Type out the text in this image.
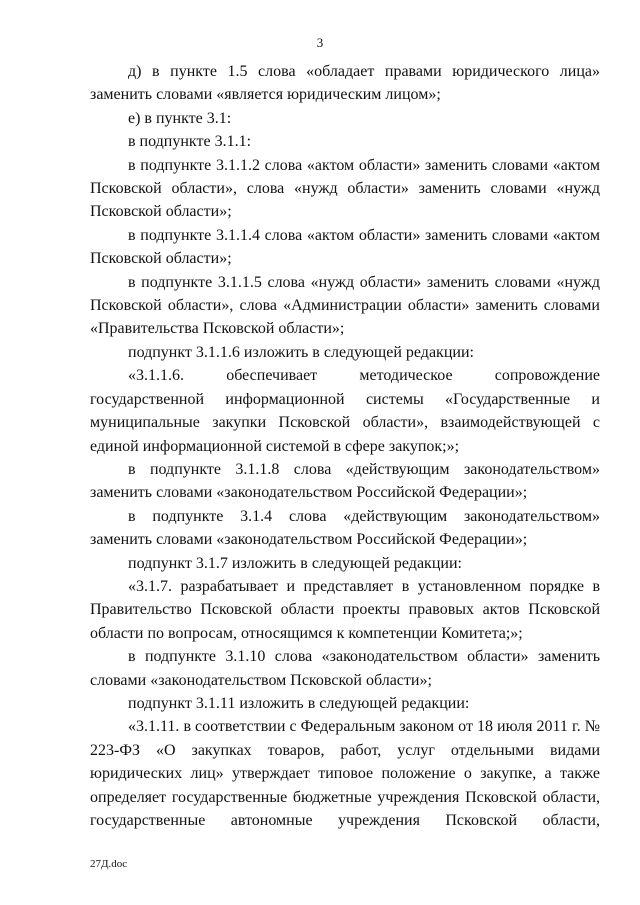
3

д) в пункте 1.5 слова «обладает правами юридического лица» заменить словами «является юридическим лицом»;

е) в пункте 3.1:

в подпункте 3.1.1:

в подпункте 3.1.1.2 слова «актом области» заменить словами «актом Псковской области», слова «нужд области» заменить словами «нужд Псковской области»;

в подпункте 3.1.1.4 слова «актом области» заменить словами «актом Псковской области»;

в подпункте 3.1.1.5 слова «нужд области» заменить словами «нужд Псковской области», слова «Администрации области» заменить словами «Правительства Псковской области»;

подпункт 3.1.1.6 изложить в следующей редакции:

«3.1.1.6. обеспечивает методическое сопровождение государственной информационной системы «Государственные и муниципальные закупки Псковской области», взаимодействующей с единой информационной системой в сфере закупок;»;

в подпункте 3.1.1.8 слова «действующим законодательством» заменить словами «законодательством Российской Федерации»;

в подпункте 3.1.4 слова «действующим законодательством» заменить словами «законодательством Российской Федерации»;

подпункт 3.1.7 изложить в следующей редакции:

«3.1.7. разрабатывает и представляет в установленном порядке в Правительство Псковской области проекты правовых актов Псковской области по вопросам, относящимся к компетенции Комитета;»;

в подпункте 3.1.10 слова «законодательством области» заменить словами «законодательством Псковской области»;

подпункт 3.1.11 изложить в следующей редакции:

«3.1.11. в соответствии с Федеральным законом от 18 июля 2011 г. № 223-ФЗ «О закупках товаров, работ, услуг отдельными видами юридических лиц» утверждает типовое положение о закупке, а также определяет государственные бюджетные учреждения Псковской области, государственные автономные учреждения Псковской области,

27Д.doc
